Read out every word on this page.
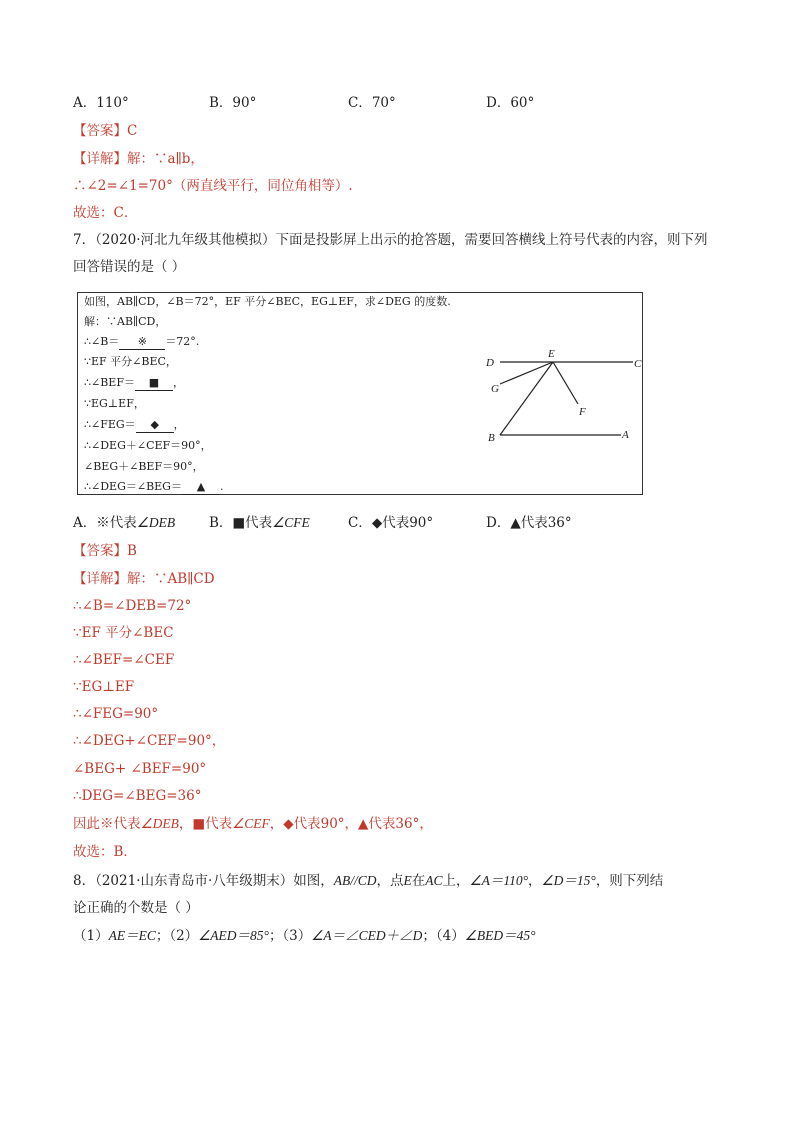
A．110°	B．90°	C．70°	D．60°
【答案】C
【详解】解：∵a∥b，
∴∠2=∠1=70°（两直线平行，同位角相等）.
故选：C．
7．（2020·河北九年级其他模拟）下面是投影屏上出示的抢答题，需要回答横线上符号代表的内容，则下列
回答错误的是（ ）
如图，AB∥CD，∠B＝72°，EF 平分∠BEC，EG⊥EF，求∠DEG 的度数.
解：∵AB∥CD，
∴∠B＝ ※ ＝72°.
∵EF 平分∠BEC，
∴∠BEF＝ ■ ，
∵EG⊥EF，
∴∠FEG＝ ◆ ，
∴∠DEG＋∠CEF＝90°，
∠BEG＋∠BEF＝90°，
∴∠DEG＝∠BEG＝ ▲ .
D
E
C
G
F
B	A
A．※代表∠DEB	B．■代表∠CFE	C．◆代表90°	D．▲代表36°
【答案】B
【详解】解：∵AB∥CD
∴∠B=∠DEB=72°
∵EF 平分∠BEC
∴∠BEF=∠CEF
∵EG⊥EF
∴∠FEG=90°
∴∠DEG+∠CEF=90°，
∠BEG+ ∠BEF=90°
∴DEG=∠BEG=36°
因此※代表∠DEB，■代表∠CEF，◆代表90°，▲代表36°，
故选：B．
8．（2021·山东青岛市·八年级期末）如图，AB//CD，点E在AC上，∠A＝110°，∠D＝15°，则下列结
论正确的个数是（ ）
（1）AE＝EC；（2）∠AED＝85°；（3）∠A＝∠CED＋∠D；（4）∠BED＝45°
